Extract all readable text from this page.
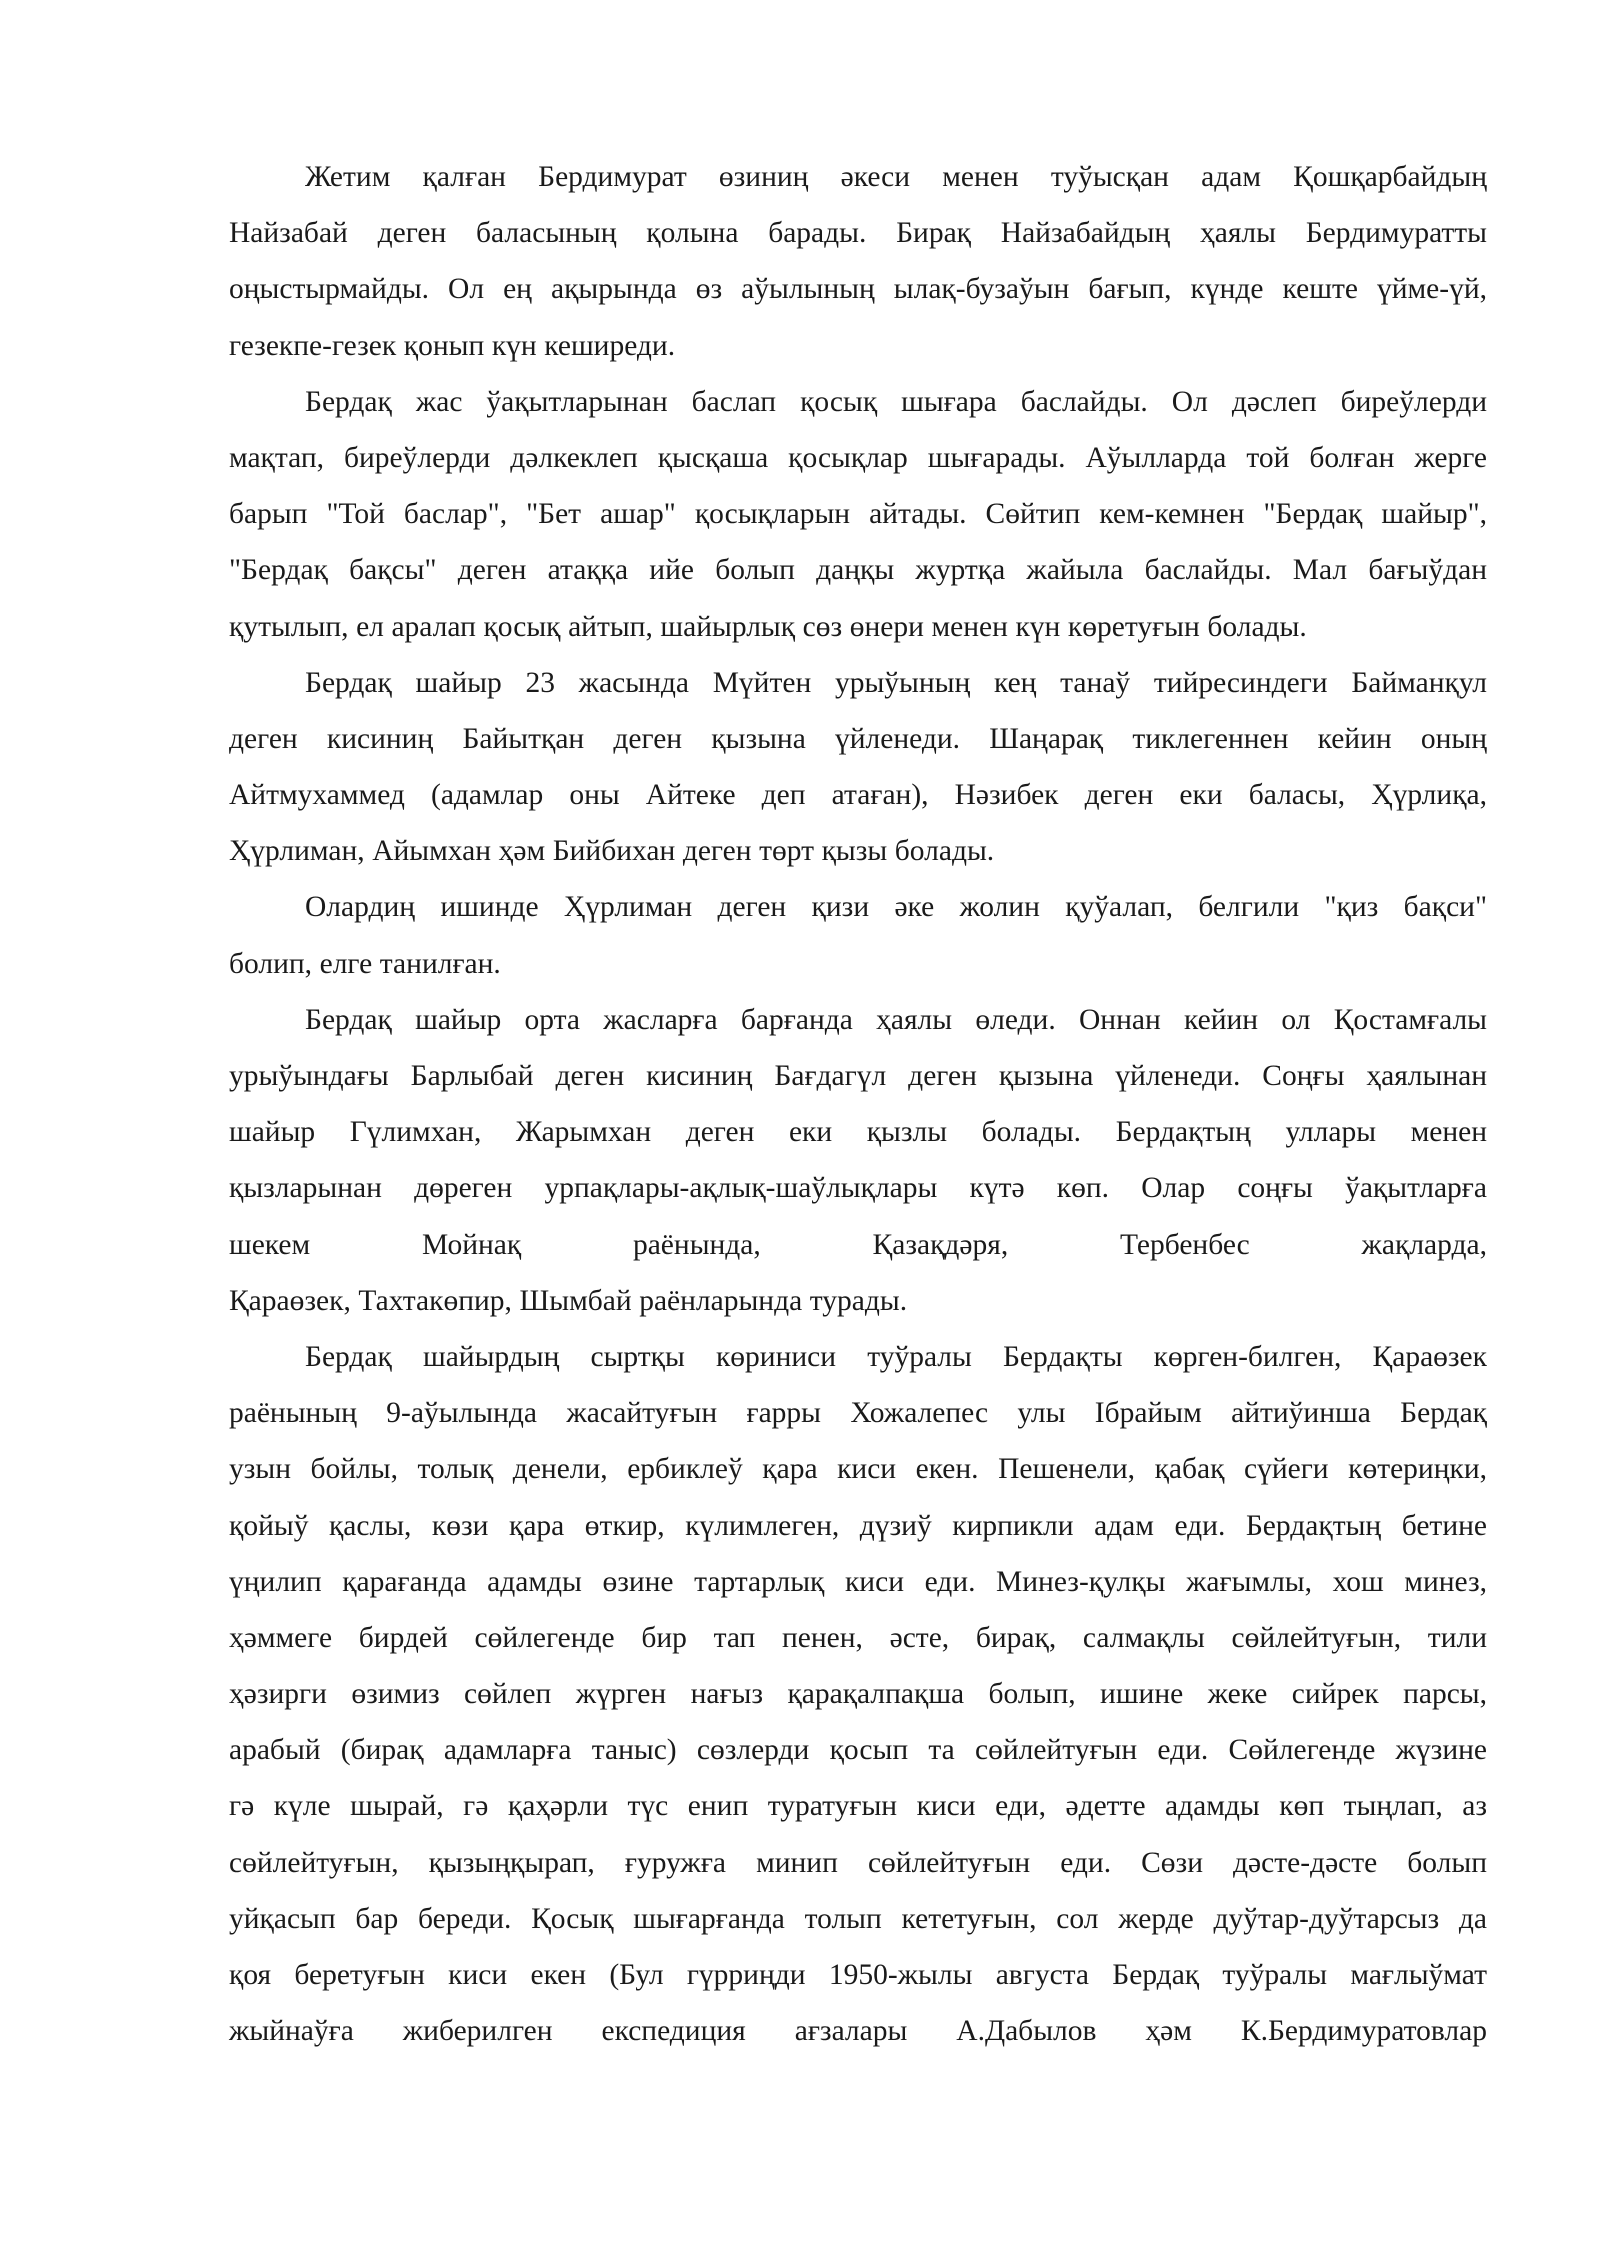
Жетим қалған Бердимурат өзиниң әкеси менен туўысқан адам Қошқарбайдың
Найзабай деген баласының қолына барады. Бирақ Найзабайдың ҳаялы Бердимуратты
оңыстырмайды. Ол ең ақырында өз аўылының ылақ-бузаўын бағып, күнде кеште үйме-үй,
гезекпе-гезек қонып күн кеширеди.
Бердақ жас ўақытларынан баслап қосық шығара баслайды. Ол дәслеп биреўлерди
мақтап, биреўлерди дәлкеклеп қысқаша қосықлар шығарады. Аўылларда той болған жерге
барып "Той баслар", "Бет ашар" қосықларын айтады. Сөйтип кем-кемнен "Бердақ шайыр",
"Бердақ бақсы" деген атаққа ийе болып даңқы журтқа жайыла баслайды. Мал бағыўдан
қутылып, ел аралап қосық айтып, шайырлық сөз өнери менен күн көретуғын болады.
Бердақ шайыр 23 жасында Мүйтен урыўының кең танаў тийресиндеги Байманқул
деген кисиниң Байытқан деген қызына үйленеди. Шаңарақ тиклегеннен кейин оның
Айтмухаммед (адамлар оны Айтеке деп атаған), Нәзибек деген еки баласы, Ҳүрлиқа,
Ҳүрлиман, Айымхан ҳәм Бийбихан деген төрт қызы болады.
Олардиң ишинде Ҳүрлиман деген қизи әке жолин қуўалап, белгили "қиз бақси"
болип, елге танилған.
Бердақ шайыр орта жасларға барғанда ҳаялы өледи. Оннан кейин ол Қостамғалы
урыўындағы Барлыбай деген кисиниң Бағдагүл деген қызына үйленеди. Соңғы ҳаялынан
шайыр Гүлимхан, Жарымхан деген еки қызлы болады. Бердақтың уллары менен
қызларынан дөреген урпақлары-ақлық-шаўлықлары күтә көп. Олар соңғы ўақытларға
шекем Мойнақ раёнында, Қазақдәря, Тербенбес жақларда,
Қараөзек, Тахтакөпир, Шымбай раёнларында турады.
Бердақ шайырдың сыртқы көриниси туўралы Бердақты көрген-билген, Қараөзек
раёнының 9-аўылында жасайтуғын ғарры Хожалепес улы Ібрайым айтиўинша Бердақ
узын бойлы, толық денели, ербиклеў қара киси екен. Пешенели, қабақ сүйеги көтериңки,
қойыў қаслы, көзи қара өткир, күлимлеген, дүзиў кирпикли адам еди. Бердақтың бетине
үңилип қарағанда адамды өзине тартарлық киси еди. Минез-қулқы жағымлы, хош минез,
ҳәммеге бирдей сөйлегенде бир тап пенен, әсте, бирақ, салмақлы сөйлейтуғын, тили
ҳәзирги өзимиз сөйлеп жүрген нағыз қарақалпақша болып, ишине жеке сийрек парсы,
арабый (бирақ адамларға таныс) сөзлерди қосып та сөйлейтуғын еди. Сөйлегенде жүзине
гә күле шырай, гә қаҳәрли түс енип туратуғын киси еди, әдетте адамды көп тыңлап, аз
сөйлейтуғын, қызыңқырап, ғуружға минип сөйлейтуғын еди. Сөзи дәсте-дәсте болып
уйқасып бар береди. Қосық шығарғанда толып кететуғын, сол жерде дуўтар-дуўтарсыз да
қоя беретуғын киси екен (Бул гүрриңди 1950-жылы августа Бердақ туўралы мағлыўмат
жыйнаўға жиберилген експедиция ағзалары А.Дабылов ҳәм К.Бердимуратовлар
